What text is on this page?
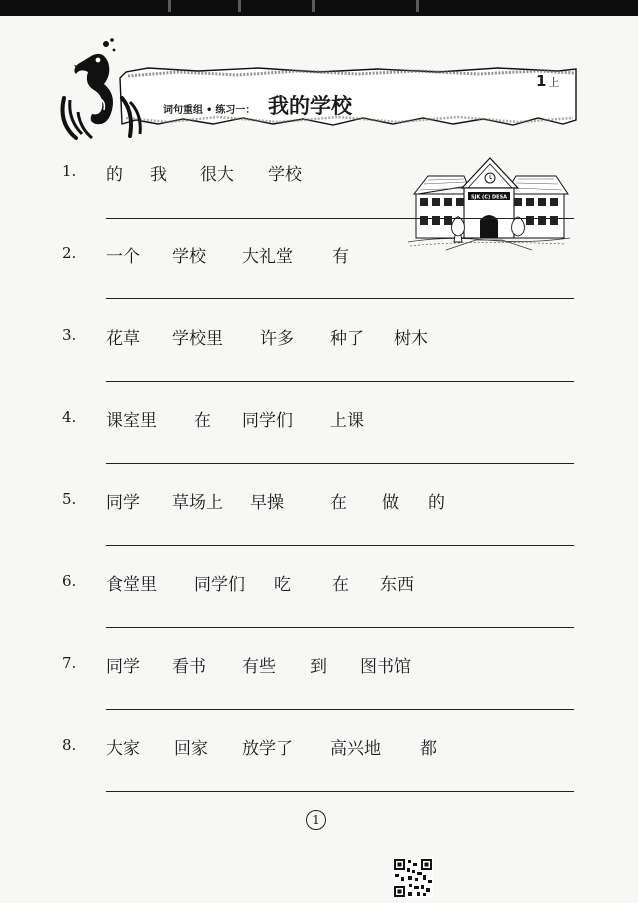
词句重组 • 练习一： 我的学校
1 上
SJK (C) DESA
1. 的 我 很大 学校
2. 一个 学校 大礼堂 有
3. 花草 学校里 许多 种了 树木
4. 课室里 在 同学们 上课
5. 同学 草场上 早操	在 做 的
6. 食堂里 同学们 吃 在 东西
7. 同学 看书 有些 到 图书馆
8. 大家 回家 放学了 高兴地 都
1
